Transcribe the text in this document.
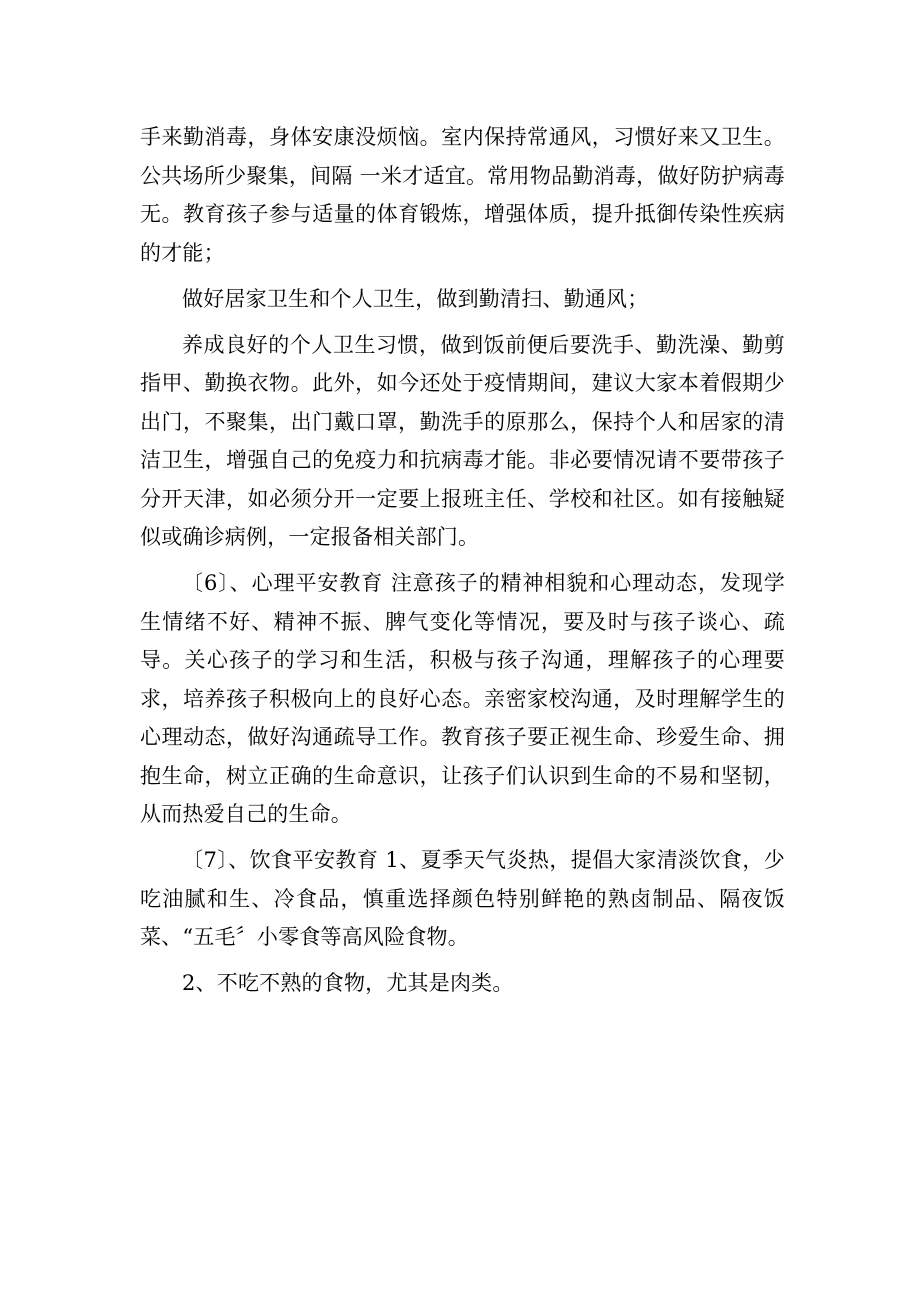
手来勤消毒，身体安康没烦恼。室内保持常通风，习惯好来又卫生。公共场所少聚集，间隔 一米才适宜。常用物品勤消毒，做好防护病毒无。教育孩子参与适量的体育锻炼，增强体质，提升抵御传染性疾病的才能；

做好居家卫生和个人卫生，做到勤清扫、勤通风；

养成良好的个人卫生习惯，做到饭前便后要洗手、勤洗澡、勤剪指甲、勤换衣物。此外，如今还处于疫情期间，建议大家本着假期少出门，不聚集，出门戴口罩，勤洗手的原那么，保持个人和居家的清洁卫生，增强自己的免疫力和抗病毒才能。非必要情况请不要带孩子分开天津，如必须分开一定要上报班主任、学校和社区。如有接触疑似或确诊病例，一定报备相关部门。

〔6〕、心理平安教育 注意孩子的精神相貌和心理动态，发现学生情绪不好、精神不振、脾气变化等情况，要及时与孩子谈心、疏导。关心孩子的学习和生活，积极与孩子沟通，理解孩子的心理要求，培养孩子积极向上的良好心态。亲密家校沟通，及时理解学生的心理动态，做好沟通疏导工作。教育孩子要正视生命、珍爱生命、拥抱生命，树立正确的生命意识，让孩子们认识到生命的不易和坚韧，从而热爱自己的生命。

〔7〕、饮食平安教育 1、夏季天气炎热，提倡大家清淡饮食，少吃油腻和生、冷食品，慎重选择颜色特别鲜艳的熟卤制品、隔夜饭菜、“五毛〞小零食等高风险食物。

2、不吃不熟的食物，尤其是肉类。
